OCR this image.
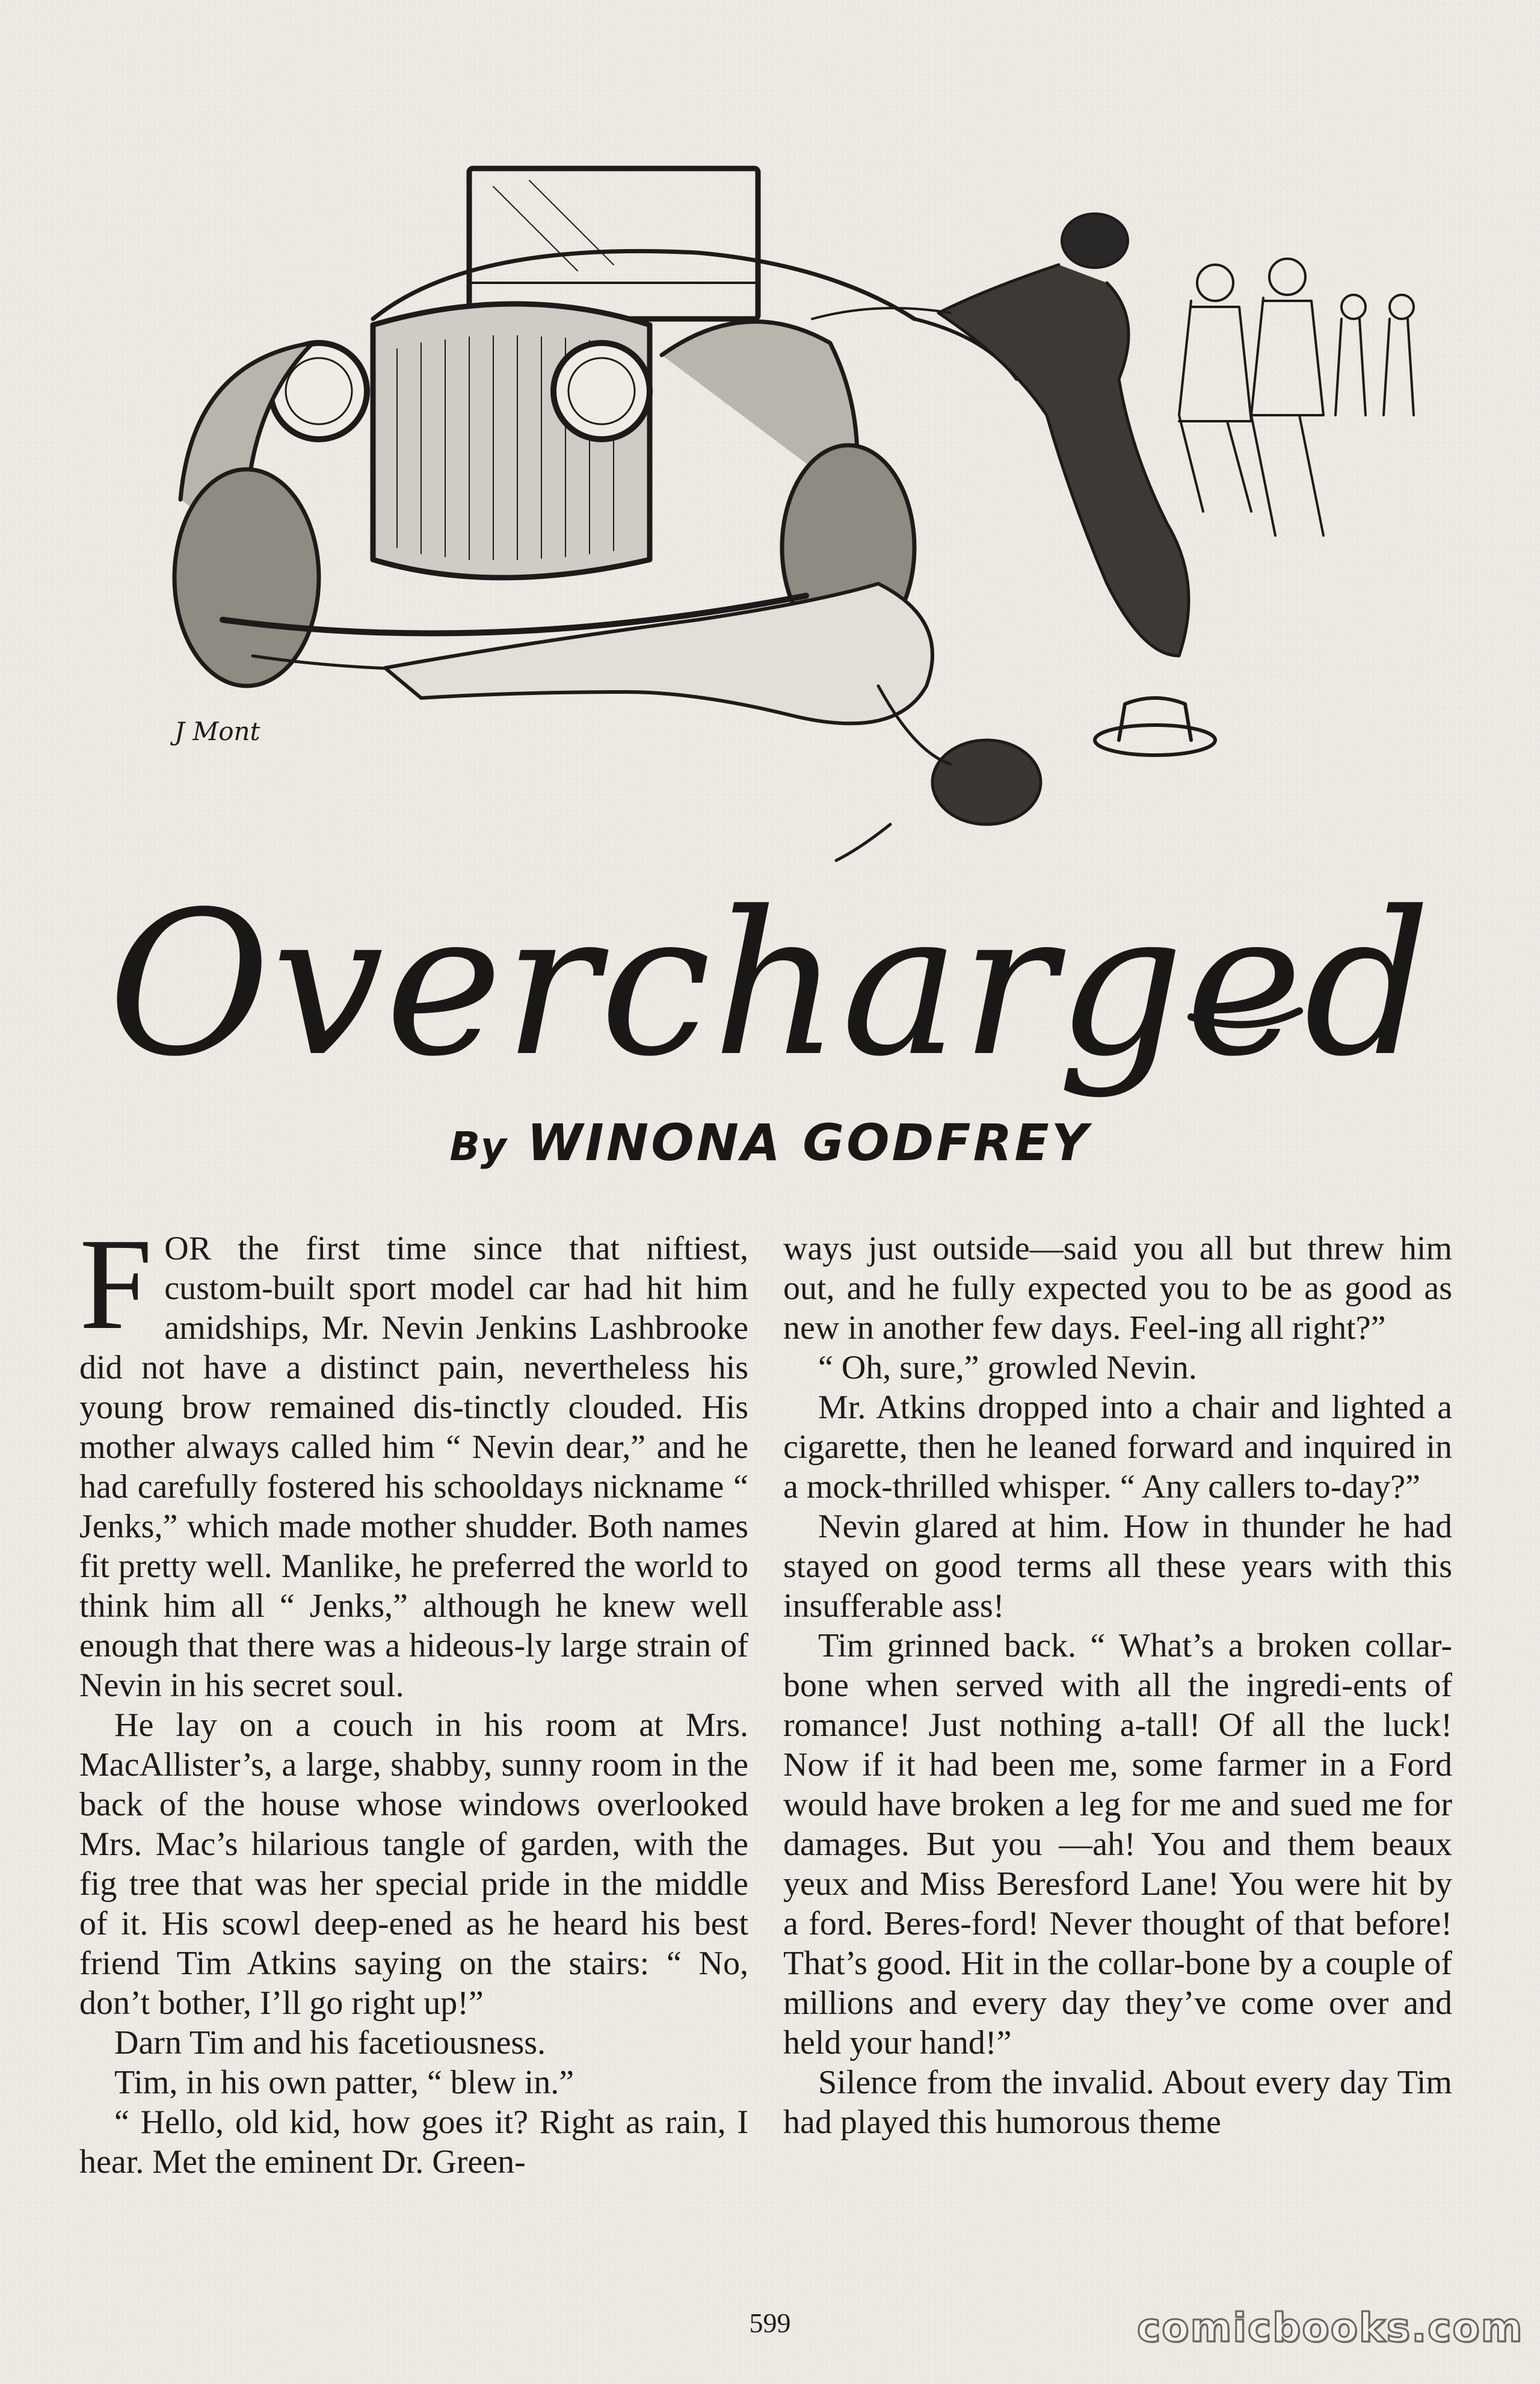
J Mont
Overcharged
By WINONA GODFREY

FOR the first time since that niftiest, custom-built sport model car had hit him amidships, Mr. Nevin Jenkins Lashbrooke did not have a distinct pain, nevertheless his young brow remained dis-tinctly clouded. His mother always called him “ Nevin dear,” and he had carefully fostered his schooldays nickname “ Jenks,” which made mother shudder. Both names fit pretty well. Manlike, he preferred the world to think him all “ Jenks,” although he knew well enough that there was a hideous-ly large strain of Nevin in his secret soul.

He lay on a couch in his room at Mrs. MacAllister’s, a large, shabby, sunny room in the back of the house whose windows overlooked Mrs. Mac’s hilarious tangle of garden, with the fig tree that was her special pride in the middle of it. His scowl deep-ened as he heard his best friend Tim Atkins saying on the stairs: “ No, don’t bother, I’ll go right up!”

Darn Tim and his facetiousness.

Tim, in his own patter, “ blew in.”

“ Hello, old kid, how goes it? Right as rain, I hear. Met the eminent Dr. Green-

ways just outside—said you all but threw him out, and he fully expected you to be as good as new in another few days. Feel-ing all right?”

“ Oh, sure,” growled Nevin.

Mr. Atkins dropped into a chair and lighted a cigarette, then he leaned forward and inquired in a mock-thrilled whisper. “ Any callers to-day?”

Nevin glared at him. How in thunder he had stayed on good terms all these years with this insufferable ass!

Tim grinned back. “ What’s a broken collar-bone when served with all the ingredi-ents of romance! Just nothing a-tall! Of all the luck! Now if it had been me, some farmer in a Ford would have broken a leg for me and sued me for damages. But you —ah! You and them beaux yeux and Miss Beresford Lane! You were hit by a ford. Beres-ford! Never thought of that before! That’s good. Hit in the collar-bone by a couple of millions and every day they’ve come over and held your hand!”

Silence from the invalid. About every day Tim had played this humorous theme

599	comicbooks.com
